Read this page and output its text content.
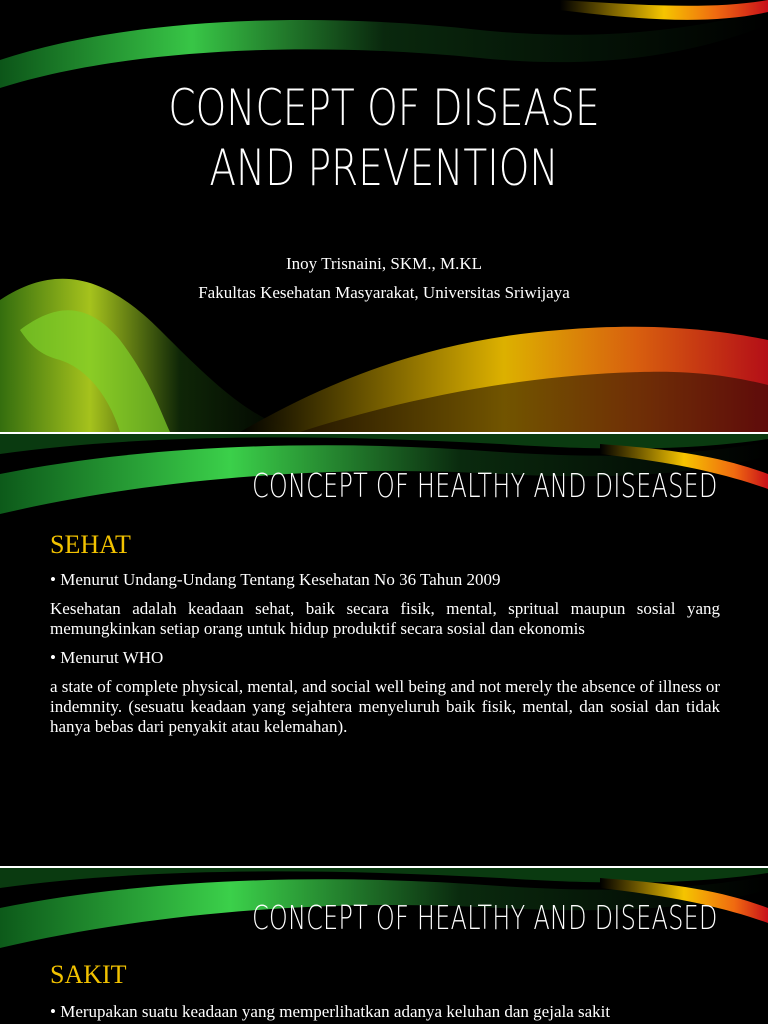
CONCEPT OF DISEASE AND PREVENTION
Inoy Trisnaini, SKM., M.KL
Fakultas Kesehatan Masyarakat, Universitas Sriwijaya
CONCEPT OF HEALTHY AND DISEASED
SEHAT
• Menurut Undang-Undang Tentang Kesehatan No 36 Tahun 2009
Kesehatan adalah keadaan sehat, baik secara fisik, mental, spritual maupun sosial yang memungkinkan setiap orang untuk hidup produktif secara sosial dan ekonomis
• Menurut WHO
a state of complete physical, mental, and social well being and not merely the absence of illness or indemnity. (sesuatu keadaan yang sejahtera menyeluruh baik fisik, mental, dan sosial dan tidak hanya bebas dari penyakit atau kelemahan).
CONCEPT OF HEALTHY AND DISEASED
SAKIT
• Merupakan suatu keadaan yang memperlihatkan adanya keluhan dan gejala sakit
